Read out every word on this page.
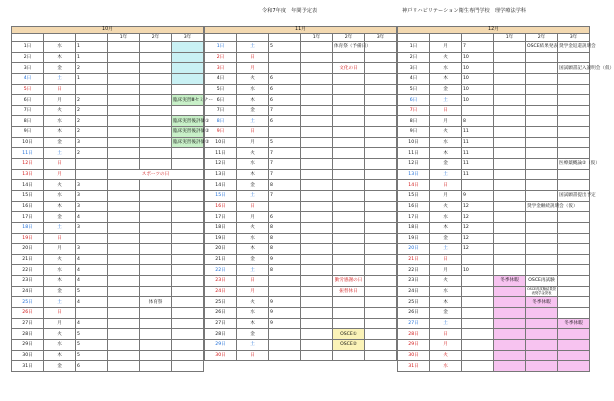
令和7年度　年間予定表	神戸リハビリテーション衛生専門学校　理学療法学科
10月					
			1年	2年	3年
1日	水	1			
2日	木	1			
3日	金	2			
4日	土	1			
5日	日				
6日	月	2			臨床実習Ⅲセミナー
7日	火	2			
8日	水	2			臨床実習後評価①
9日	木	2			臨床実習後評価②
10日	金	3			臨床実習後評価②
11日	土	2			
12日	日				
13日	月		スポーツの日		
14日	火	3			
15日	水	3			
16日	木	3			
17日	金	4			
18日	土	3			
19日	日				
20日	月	3			
21日	火	4			
22日	水	4			
23日	木	4			
24日	金	5			
25日	土	4		体育祭	
26日	日				
27日	月	4			
28日	火	5			
29日	水	5			
30日	木	5			
31日	金	6			
11月					
			1年	2年	3年
1日	土	5		体育祭（予備日）	
2日	日				
3日	月			文化の日	
4日	火	6			
5日	水	6			
6日	木	6			
7日	金	7			
8日	土	6			
9日	日				
10日	月	5			
11日	火	7			
12日	水	7			
13日	木	7			
14日	金	8			
15日	土	7			
16日	日				
17日	月	6			
18日	火	8			
19日	水	8			
20日	木	8			
21日	金	9			
22日	土	8			
23日	日			勤労感謝の日	
24日	月			振替休日	
25日	火	9			
26日	水	9			
27日	木	9			
28日	金			OSCE①	
29日	土			OSCE②	
30日	日				
12月					
			1年	2年	3年
1日	月	7		OSCE結果発表	奨学金返還説明会
2日	火	10			
3日	水	10			国試願書記入説明会（仮）
4日	木	10			
5日	金	10			
6日	土	10			
7日	日				
8日	月	8			
9日	火	11			
10日	水	11			
11日	木	11			
12日	金	11			医療薬概論②（仮）
13日	土	11			
14日	日				
15日	月	9			国試願書提出予定
16日	火	12		奨学金継続説明会（仮）	
17日	水	12			
18日	木	12			
19日	金	12			
20日	土	12			
21日	日				
22日	月	10			
23日	火		冬季休暇	OSCE再試験	
24日	水			OSCE再試験結果発表奨学金発表	
25日	木			冬季休暇	
26日	金				
27日	土				冬季休暇
28日	日				
29日	月				
30日	火				
31日	水				
